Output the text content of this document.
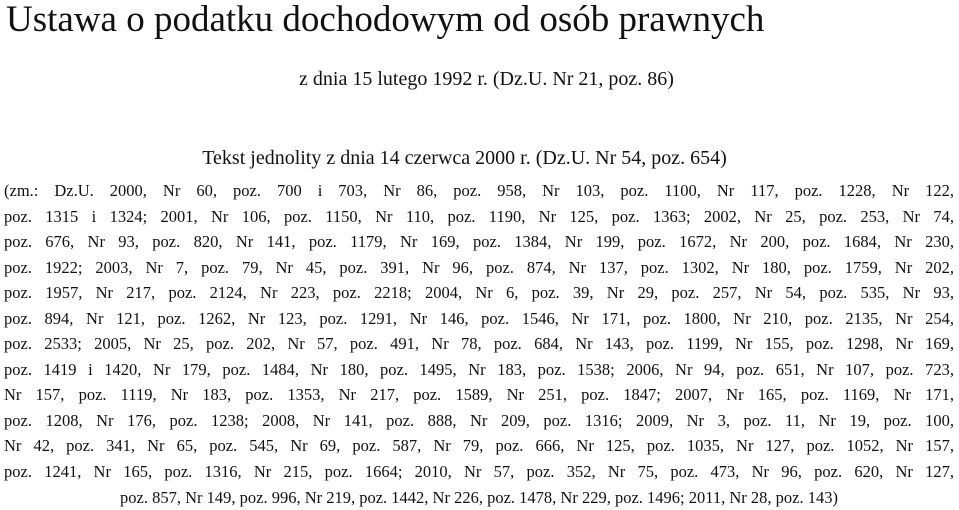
Ustawa o podatku dochodowym od osób prawnych
z dnia 15 lutego 1992 r. (Dz.U. Nr 21, poz. 86)
Tekst jednolity z dnia 14 czerwca 2000 r. (Dz.U. Nr 54, poz. 654)
(zm.: Dz.U. 2000, Nr 60, poz. 700 i 703, Nr 86, poz. 958, Nr 103, poz. 1100, Nr 117, poz. 1228, Nr 122,
poz. 1315 i 1324; 2001, Nr 106, poz. 1150, Nr 110, poz. 1190, Nr 125, poz. 1363; 2002, Nr 25, poz. 253, Nr 74,
poz. 676, Nr 93, poz. 820, Nr 141, poz. 1179, Nr 169, poz. 1384, Nr 199, poz. 1672, Nr 200, poz. 1684, Nr 230,
poz. 1922; 2003, Nr 7, poz. 79, Nr 45, poz. 391, Nr 96, poz. 874, Nr 137, poz. 1302, Nr 180, poz. 1759, Nr 202,
poz. 1957, Nr 217, poz. 2124, Nr 223, poz. 2218; 2004, Nr 6, poz. 39, Nr 29, poz. 257, Nr 54, poz. 535, Nr 93,
poz. 894, Nr 121, poz. 1262, Nr 123, poz. 1291, Nr 146, poz. 1546, Nr 171, poz. 1800, Nr 210, poz. 2135, Nr 254,
poz. 2533; 2005, Nr 25, poz. 202, Nr 57, poz. 491, Nr 78, poz. 684, Nr 143, poz. 1199, Nr 155, poz. 1298, Nr 169,
poz. 1419 i 1420, Nr 179, poz. 1484, Nr 180, poz. 1495, Nr 183, poz. 1538; 2006, Nr 94, poz. 651, Nr 107, poz. 723,
Nr 157, poz. 1119, Nr 183, poz. 1353, Nr 217, poz. 1589, Nr 251, poz. 1847; 2007, Nr 165, poz. 1169, Nr 171,
poz. 1208, Nr 176, poz. 1238; 2008, Nr 141, poz. 888, Nr 209, poz. 1316; 2009, Nr 3, poz. 11, Nr 19, poz. 100,
Nr 42, poz. 341, Nr 65, poz. 545, Nr 69, poz. 587, Nr 79, poz. 666, Nr 125, poz. 1035, Nr 127, poz. 1052, Nr 157,
poz. 1241, Nr 165, poz. 1316, Nr 215, poz. 1664; 2010, Nr 57, poz. 352, Nr 75, poz. 473, Nr 96, poz. 620, Nr 127,
poz. 857, Nr 149, poz. 996, Nr 219, poz. 1442, Nr 226, poz. 1478, Nr 229, poz. 1496; 2011, Nr 28, poz. 143)
